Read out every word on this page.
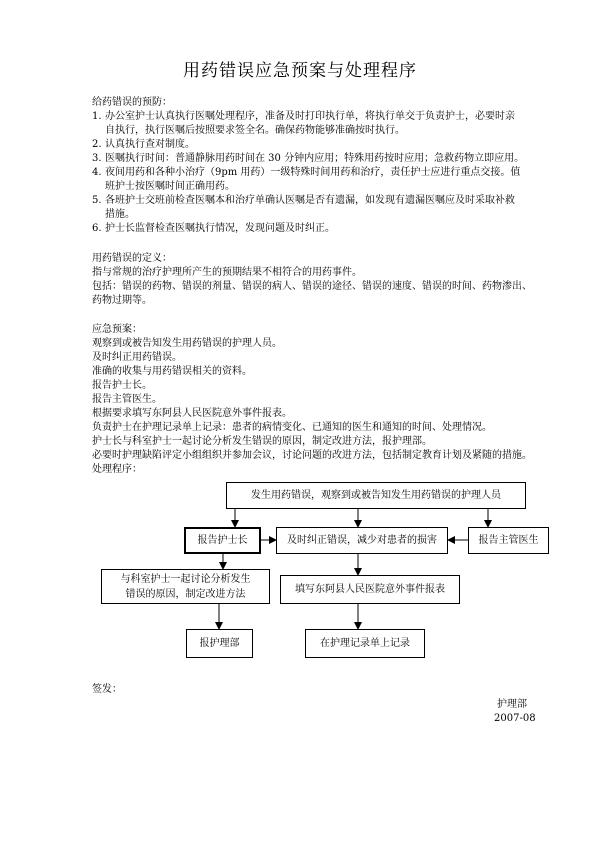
用药错误应急预案与处理程序
给药错误的预防：
1. 办公室护士认真执行医嘱处理程序，准备及时打印执行单，将执行单交于负责护士，必要时亲
自执行，执行医嘱后按照要求签全名。确保药物能够准确按时执行。
2. 认真执行查对制度。
3. 医嘱执行时间：普通静脉用药时间在 30 分钟内应用；特殊用药按时应用；急救药物立即应用。
4. 夜间用药和各种小治疗（9pm 用药）一级特殊时间用药和治疗，责任护士应进行重点交接。值
班护士按医嘱时间正确用药。
5. 各班护士交班前检查医嘱本和治疗单确认医嘱是否有遗漏，如发现有遗漏医嘱应及时采取补救
措施。
6. 护士长监督检查医嘱执行情况，发现问题及时纠正。
用药错误的定义：
指与常规的治疗护理所产生的预期结果不相符合的用药事件。
包括：错误的药物、错误的剂量、错误的病人、错误的途径、错误的速度、错误的时间、药物渗出、
药物过期等。
应急预案：
观察到或被告知发生用药错误的护理人员。
及时纠正用药错误。
准确的收集与用药错误相关的资料。
报告护士长。
报告主管医生。
根据要求填写东阿县人民医院意外事件报表。
负责护士在护理记录单上记录：患者的病情变化、已通知的医生和通知的时间、处理情况。
护士长与科室护士一起讨论分析发生错误的原因，制定改进方法，报护理部。
必要时护理缺陷评定小组组织并参加会议，讨论问题的改进方法，包括制定教育计划及紧随的措施。
处理程序：
发生用药错误，观察到或被告知发生用药错误的护理人员
报告护士长	及时纠正错误，减少对患者的损害	报告主管医生
与科室护士一起讨论分析发生
错误的原因，制定改进方法	填写东阿县人民医院意外事件报表
报护理部	在护理记录单上记录
签发：
护理部
2007-08
